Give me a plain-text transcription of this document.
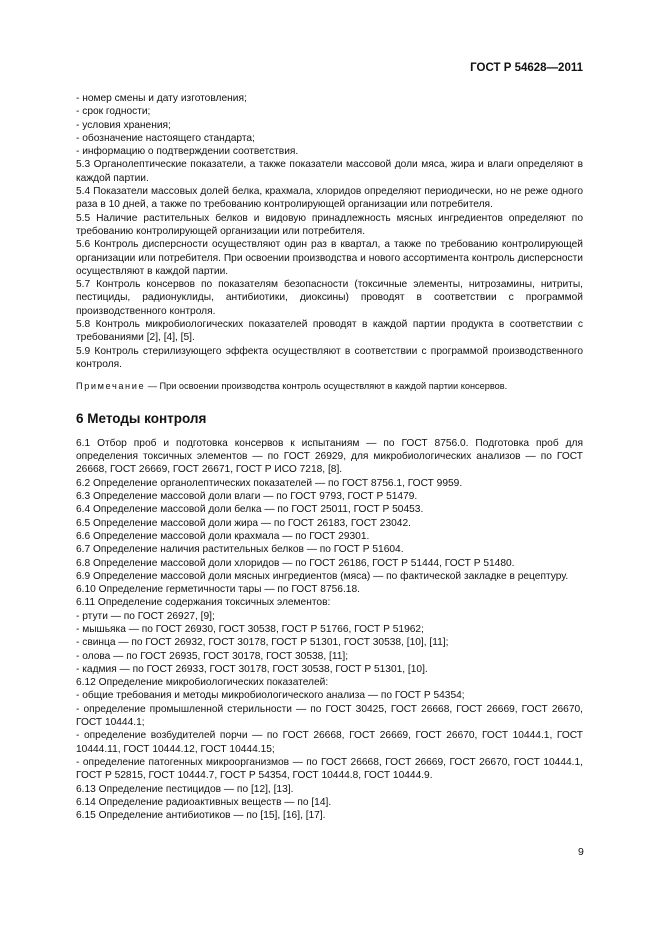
ГОСТ Р 54628—2011

- номер смены и дату изготовления;

- срок годности;

- условия хранения;

- обозначение настоящего стандарта;

- информацию о подтверждении соответствия.

5.3 Органолептические показатели, а также показатели массовой доли мяса, жира и влаги определяют в каждой партии.

5.4 Показатели массовых долей белка, крахмала, хлоридов определяют периодически, но не реже одного раза в 10 дней, а также по требованию контролирующей организации или потребителя.

5.5 Наличие растительных белков и видовую принадлежность мясных ингредиентов определяют по требованию контролирующей организации или потребителя.

5.6 Контроль дисперсности осуществляют один раз в квартал, а также по требованию контролирующей организации или потребителя. При освоении производства и нового ассортимента контроль дисперсности осуществляют в каждой партии.

5.7 Контроль консервов по показателям безопасности (токсичные элементы, нитрозамины, нитриты, пестициды, радионуклиды, антибиотики, диоксины) проводят в соответствии с программой производственного контроля.

5.8 Контроль микробиологических показателей проводят в каждой партии продукта в соответствии с требованиями [2], [4], [5].

5.9 Контроль стерилизующего эффекта осуществляют в соответствии с программой производственного контроля.

Примечание — При освоении производства контроль осуществляют в каждой партии консервов.

6 Методы контроля

6.1 Отбор проб и подготовка консервов к испытаниям — по ГОСТ 8756.0. Подготовка проб для определения токсичных элементов — по ГОСТ 26929, для микробиологических анализов — по ГОСТ 26668, ГОСТ 26669, ГОСТ 26671, ГОСТ Р ИСО 7218, [8].

6.2 Определение органолептических показателей — по ГОСТ 8756.1, ГОСТ 9959.

6.3 Определение массовой доли влаги — по ГОСТ 9793, ГОСТ Р 51479.

6.4 Определение массовой доли белка — по ГОСТ 25011, ГОСТ Р 50453.

6.5 Определение массовой доли жира — по ГОСТ 26183, ГОСТ 23042.

6.6 Определение массовой доли крахмала — по ГОСТ 29301.

6.7 Определение наличия растительных белков — по ГОСТ Р 51604.

6.8 Определение массовой доли хлоридов — по ГОСТ 26186, ГОСТ Р 51444, ГОСТ Р 51480.

6.9 Определение массовой доли мясных ингредиентов (мяса) — по фактической закладке в рецептуру.

6.10 Определение герметичности тары — по ГОСТ 8756.18.

6.11 Определение содержания токсичных элементов:

- ртути — по ГОСТ 26927, [9];

- мышьяка — по ГОСТ 26930, ГОСТ 30538, ГОСТ Р 51766, ГОСТ Р 51962;

- свинца — по ГОСТ 26932, ГОСТ 30178, ГОСТ Р 51301, ГОСТ 30538, [10], [11];

- олова — по ГОСТ 26935, ГОСТ 30178, ГОСТ 30538, [11];

- кадмия — по ГОСТ 26933, ГОСТ 30178, ГОСТ 30538, ГОСТ Р 51301, [10].

6.12 Определение микробиологических показателей:

- общие требования и методы микробиологического анализа — по ГОСТ Р 54354;

- определение промышленной стерильности — по ГОСТ 30425, ГОСТ 26668, ГОСТ 26669, ГОСТ 26670, ГОСТ 10444.1;

- определение возбудителей порчи — по ГОСТ 26668, ГОСТ 26669, ГОСТ 26670, ГОСТ 10444.1, ГОСТ 10444.11, ГОСТ 10444.12, ГОСТ 10444.15;

- определение патогенных микроорганизмов — по ГОСТ 26668, ГОСТ 26669, ГОСТ 26670, ГОСТ 10444.1, ГОСТ Р 52815, ГОСТ 10444.7, ГОСТ Р 54354, ГОСТ 10444.8, ГОСТ 10444.9.

6.13 Определение пестицидов — по [12], [13].

6.14 Определение радиоактивных веществ — по [14].

6.15 Определение антибиотиков — по [15], [16], [17].

9
